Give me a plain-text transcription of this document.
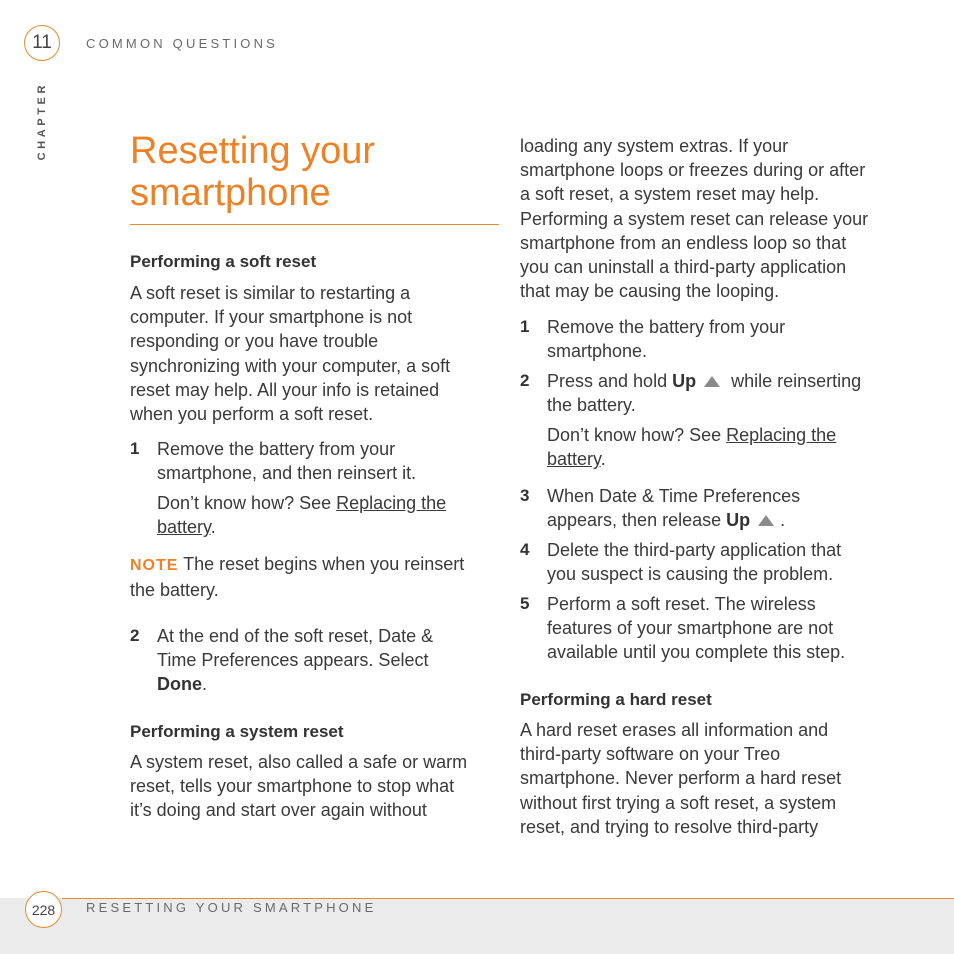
11	COMMON QUESTIONS
CHAPTER Resetting your
smartphone
Performing a soft reset
A soft reset is similar to restarting a
computer. If your smartphone is not
responding or you have trouble
synchronizing with your computer, a soft
reset may help. All your info is retained
when you perform a soft reset.
1 Remove the battery from your
smartphone, and then reinsert it.
Don’t know how? See Replacing the
battery.
NOTE The reset begins when you reinsert
the battery.
2 At the end of the soft reset, Date &
Time Preferences appears. Select
Done.
Performing a system reset
A system reset, also called a safe or warm
reset, tells your smartphone to stop what
it’s doing and start over again without
loading any system extras. If your
smartphone loops or freezes during or after
a soft reset, a system reset may help.
Performing a system reset can release your
smartphone from an endless loop so that
you can uninstall a third-party application
that may be causing the looping.
1 Remove the battery from your
smartphone.
2 Press and hold Up while reinserting
the battery.
Don’t know how? See Replacing the
battery.
3 When Date & Time Preferences
appears, then release Up .
4 Delete the third-party application that
you suspect is causing the problem.
5 Perform a soft reset. The wireless
features of your smartphone are not
available until you complete this step.
Performing a hard reset
A hard reset erases all information and
third-party software on your Treo
smartphone. Never perform a hard reset
without first trying a soft reset, a system
reset, and trying to resolve third-party
228 RESETTING YOUR SMARTPHONE
